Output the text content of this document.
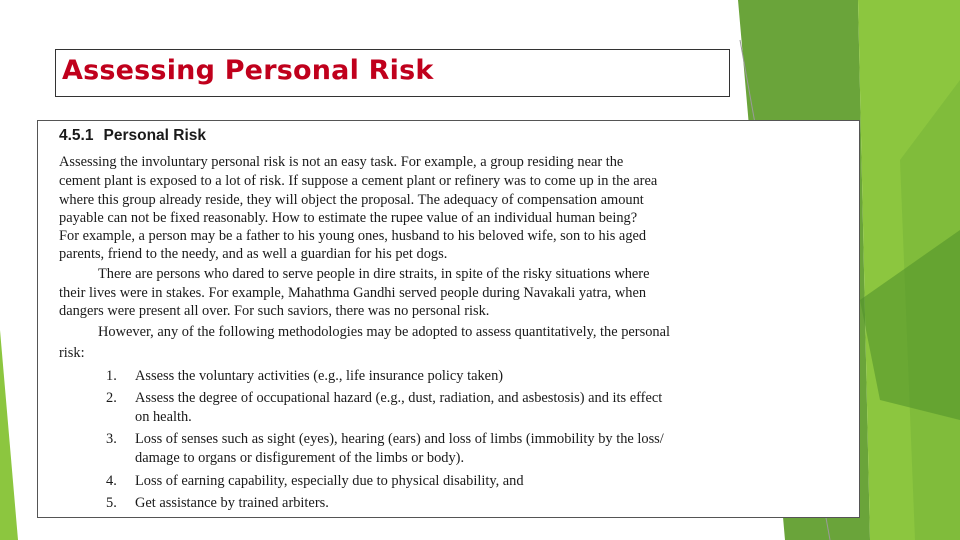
Assessing Personal Risk
4.5.1 Personal Risk
Assessing the involuntary personal risk is not an easy task. For example, a group residing near the
cement plant is exposed to a lot of risk. If suppose a cement plant or refinery was to come up in the area
where this group already reside, they will object the proposal. The adequacy of compensation amount
payable can not be fixed reasonably. How to estimate the rupee value of an individual human being?
For example, a person may be a father to his young ones, husband to his beloved wife, son to his aged
parents, friend to the needy, and as well a guardian for his pet dogs.
There are persons who dared to serve people in dire straits, in spite of the risky situations where
their lives were in stakes. For example, Mahathma Gandhi served people during Navakali yatra, when
dangers were present all over. For such saviors, there was no personal risk.
However, any of the following methodologies may be adopted to assess quantitatively, the personal
risk:
1. Assess the voluntary activities (e.g., life insurance policy taken)
2. Assess the degree of occupational hazard (e.g., dust, radiation, and asbestosis) and its effect
on health.
3. Loss of senses such as sight (eyes), hearing (ears) and loss of limbs (immobility by the loss/
damage to organs or disfigurement of the limbs or body).
4. Loss of earning capability, especially due to physical disability, and
5. Get assistance by trained arbiters.
